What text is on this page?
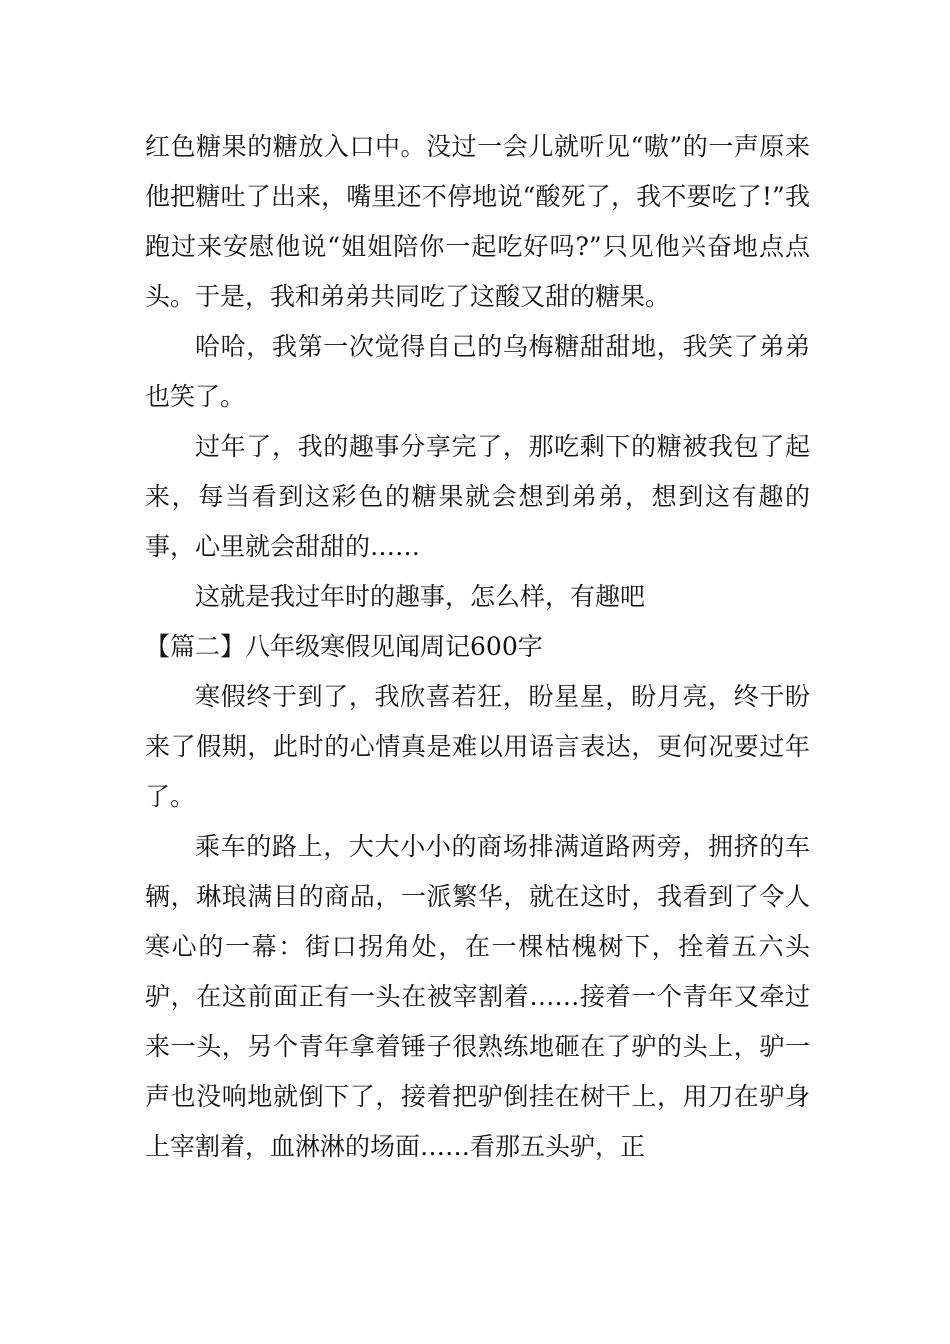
红色糖果的糖放入口中。没过一会儿就听见“嗷”的一声原来他把糖吐了出来，嘴里还不停地说“酸死了，我不要吃了!”我跑过来安慰他说“姐姐陪你一起吃好吗?”只见他兴奋地点点头。于是，我和弟弟共同吃了这酸又甜的糖果。

哈哈，我第一次觉得自己的乌梅糖甜甜地，我笑了弟弟也笑了。

过年了，我的趣事分享完了，那吃剩下的糖被我包了起来，每当看到这彩色的糖果就会想到弟弟，想到这有趣的事，心里就会甜甜的……

这就是我过年时的趣事，怎么样，有趣吧

【篇二】八年级寒假见闻周记600字

寒假终于到了，我欣喜若狂，盼星星，盼月亮，终于盼来了假期，此时的心情真是难以用语言表达，更何况要过年了。

乘车的路上，大大小小的商场排满道路两旁，拥挤的车辆，琳琅满目的商品，一派繁华，就在这时，我看到了令人寒心的一幕：街口拐角处，在一棵枯槐树下，拴着五六头驴，在这前面正有一头在被宰割着……接着一个青年又牵过来一头，另个青年拿着锤子很熟练地砸在了驴的头上，驴一声也没响地就倒下了，接着把驴倒挂在树干上，用刀在驴身上宰割着，血淋淋的场面……看那五头驴，正
